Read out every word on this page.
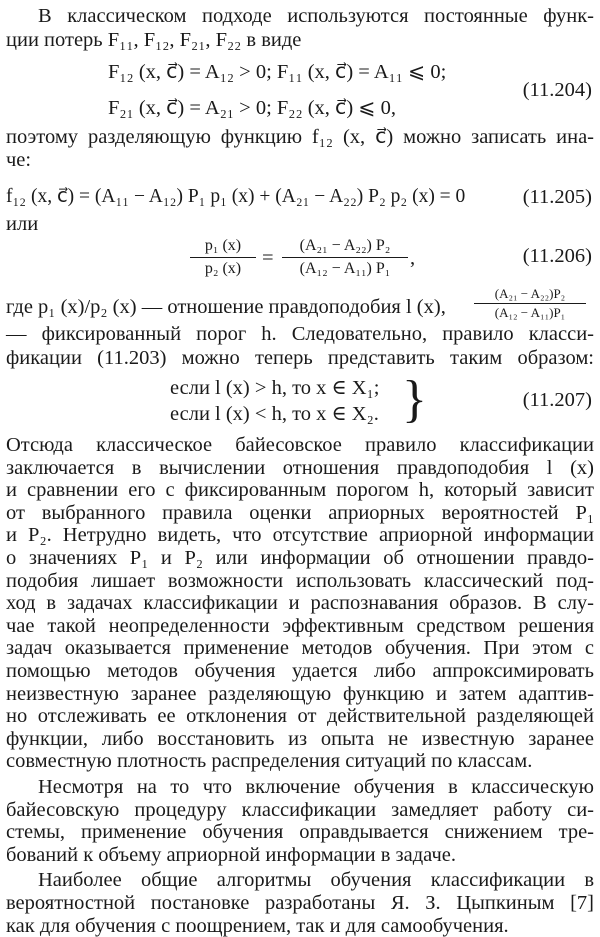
В классическом подходе используются постоянные функ-
ции потерь F₁₁, F₁₂, F₂₁, F₂₂ в виде
F₁₂ (x, c⃗) = A₁₂ > 0; F₁₁ (x, c⃗) = A₁₁ ⩽ 0;
F₂₁ (x, c⃗) = A₂₁ > 0; F₂₂ (x, c⃗) ⩽ 0,
(11.204)
поэтому разделяющую функцию f₁₂ (x, c⃗) можно записать ина-
че:
f₁₂ (x, c⃗) = (A₁₁ − A₁₂) P₁ p₁ (x) + (A₂₁ − A₂₂) P₂ p₂ (x) = 0	(11.205)
или
p₁ (x)
p₂ (x)	=
(A₂₁ − A₂₂) P₂
(A₁₂ − A₁₁) P₁ ,	(11.206)
где p₁ (x)/p₂ (x) — отношение правдоподобия l (x),
(A₂₁ − A₂₂)P₂
(A₁₂ − A₁₁)P₁
— фиксированный порог h. Следовательно, правило класси-
фикации (11.203) можно теперь представить таким образом:
если l (x) > h, то x ∈ X₁;
если l (x) < h, то x ∈ X₂. }	(11.207)
Отсюда классическое байесовское правило классификации
заключается в вычислении отношения правдоподобия l (x)
и сравнении его с фиксированным порогом h, который зависит
от выбранного правила оценки априорных вероятностей P₁
и P₂. Нетрудно видеть, что отсутствие априорной информации
о значениях P₁ и P₂ или информации об отношении правдо-
подобия лишает возможности использовать классический под-
ход в задачах классификации и распознавания образов. В слу-
чае такой неопределенности эффективным средством решения
задач оказывается применение методов обучения. При этом с
помощью методов обучения удается либо аппроксимировать
неизвестную заранее разделяющую функцию и затем адаптив-
но отслеживать ее отклонения от действительной разделяющей
функции, либо восстановить из опыта не известную заранее
совместную плотность распределения ситуаций по классам.
Несмотря на то что включение обучения в классическую
байесовскую процедуру классификации замедляет работу си-
стемы, применение обучения оправдывается снижением тре-
бований к объему априорной информации в задаче.
Наиболее общие алгоритмы обучения классификации в
вероятностной постановке разработаны Я. З. Цыпкиным [7]
как для обучения с поощрением, так и для самообучения.
